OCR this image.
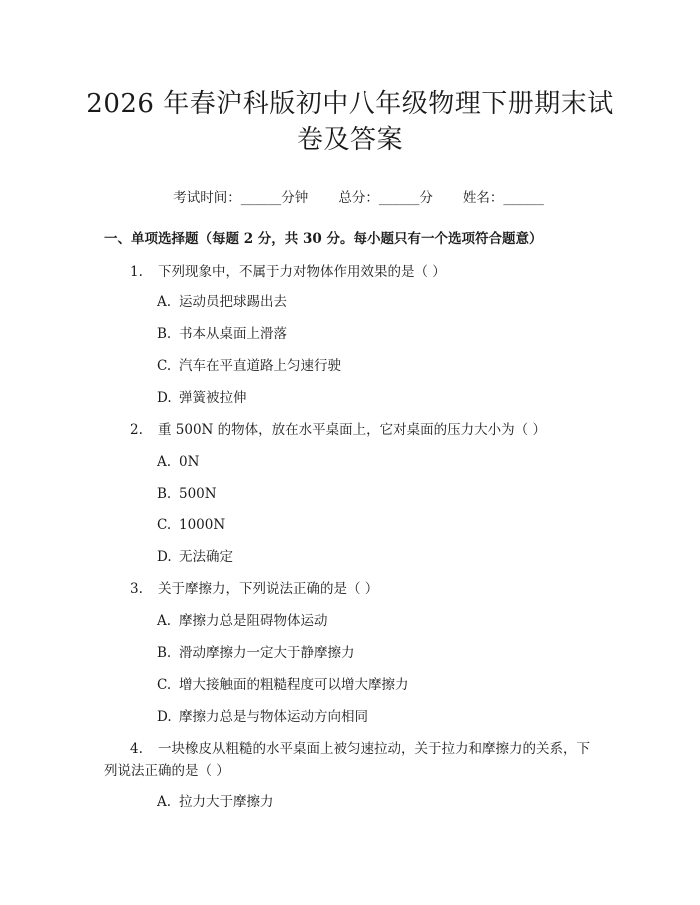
2026 年春沪科版初中八年级物理下册期末试
卷及答案

考试时间：______分钟 总分：______分 姓名：______

一、单项选择题（每题 2 分，共 30 分。每小题只有一个选项符合题意）
1. 下列现象中，不属于力对物体作用效果的是（ ）
A. 运动员把球踢出去
B. 书本从桌面上滑落
C. 汽车在平直道路上匀速行驶
D. 弹簧被拉伸
2. 重 500N 的物体，放在水平桌面上，它对桌面的压力大小为（ ）
A. 0N
B. 500N
C. 1000N
D. 无法确定
3. 关于摩擦力，下列说法正确的是（ ）
A. 摩擦力总是阻碍物体运动
B. 滑动摩擦力一定大于静摩擦力
C. 增大接触面的粗糙程度可以增大摩擦力
D. 摩擦力总是与物体运动方向相同
4. 一块橡皮从粗糙的水平桌面上被匀速拉动，关于拉力和摩擦力的关系，下
列说法正确的是（ ）
A. 拉力大于摩擦力
